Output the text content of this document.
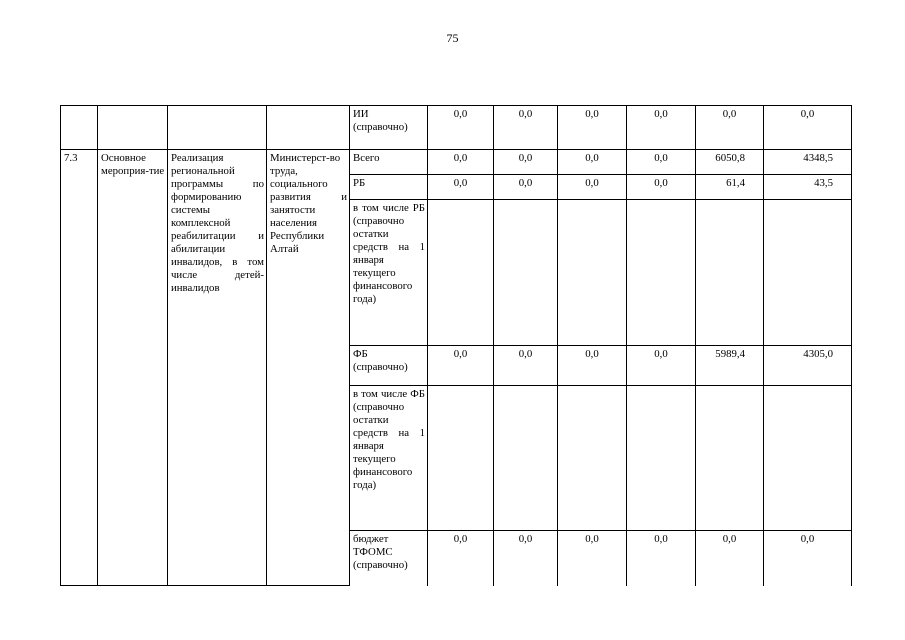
75
				ИИ (справочно)	0,0	0,0	0,0	0,0	0,0	0,0
7.3	Основное мероприя-тие	Реализация региональной программы по формированию системы комплексной реабилитации и абилитации инвалидов, в том числе детей-инвалидов	Министерст-во труда, социального развития и занятости населения Республики Алтай	Всего	0,0	0,0	0,0	0,0	6050,8	4348,5
				РБ	0,0	0,0	0,0	0,0	61,4	43,5
				в том числе РБ (справочно остатки средств на 1 января текущего финансового года)						
				ФБ (справочно)	0,0	0,0	0,0	0,0	5989,4	4305,0
				в том числе ФБ (справочно остатки средств на 1 января текущего финансового года)						
				бюджет ТФОМС (справочно)	0,0	0,0	0,0	0,0	0,0	0,0
